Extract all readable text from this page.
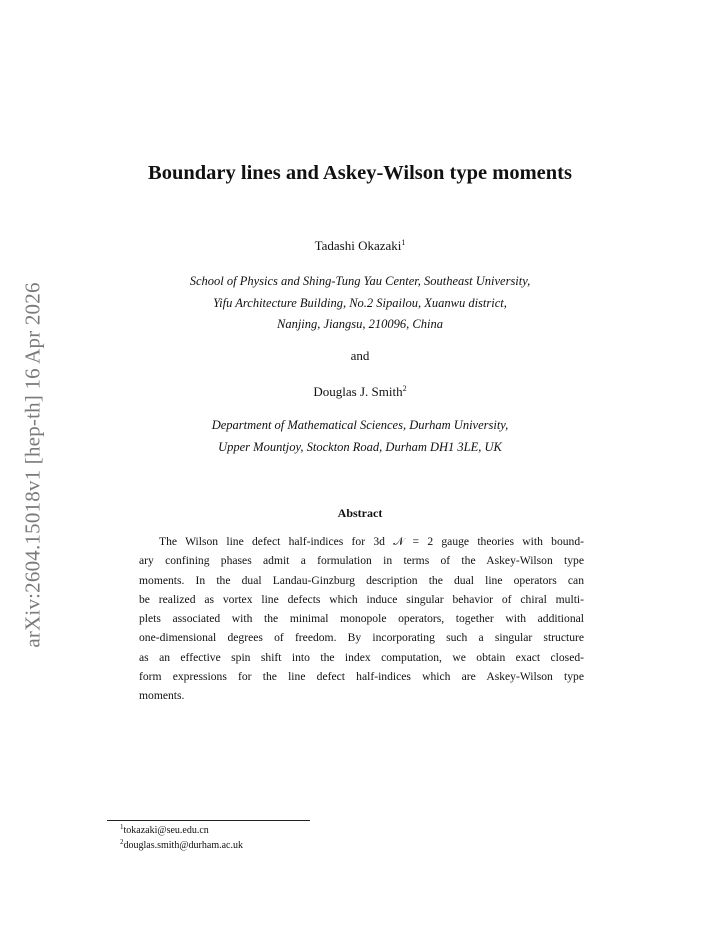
arXiv:2604.15018v1 [hep-th] 16 Apr 2026
Boundary lines and Askey-Wilson type moments
Tadashi Okazaki$^1$
School of Physics and Shing-Tung Yau Center, Southeast University,
Yifu Architecture Building, No.2 Sipailou, Xuanwu district,
Nanjing, Jiangsu, 210096, China
and
Douglas J. Smith$^2$
Department of Mathematical Sciences, Durham University,
Upper Mountjoy, Stockton Road, Durham DH1 3LE, UK
Abstract
The Wilson line defect half-indices for 3d 𝒩 = 2 gauge theories with bound-
ary confining phases admit a formulation in terms of the Askey-Wilson type
moments. In the dual Landau-Ginzburg description the dual line operators can
be realized as vortex line defects which induce singular behavior of chiral multi-
plets associated with the minimal monopole operators, together with additional
one-dimensional degrees of freedom. By incorporating such a singular structure
as an effective spin shift into the index computation, we obtain exact closed-
form expressions for the line defect half-indices which are Askey-Wilson type
moments.
$^1$tokazaki@seu.edu.cn
$^2$douglas.smith@durham.ac.uk
